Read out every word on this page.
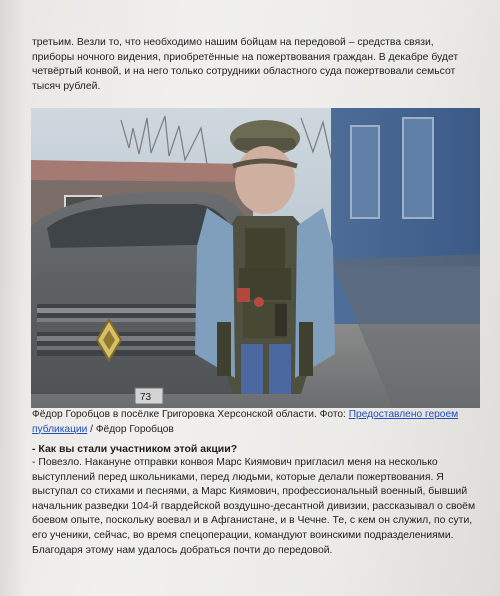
третьим. Везли то, что необходимо нашим бойцам на передовой – средства связи, приборы ночного видения, приобретённые на пожертвования граждан. В декабре будет четвёртый конвой, и на него только сотрудники областного суда пожертвовали семьсот тысяч рублей.

73
Фёдор Горобцов в посёлке Григоровка Херсонской области. Фото: Предоставлено героем публикации / Фёдор Горобцов
- Как вы стали участником этой акции?

- Повезло. Накануне отправки конвоя Марс Киямович пригласил меня на несколько выступлений перед школьниками, перед людьми, которые делали пожертвования. Я выступал со стихами и песнями, а Марс Киямович, профессиональный военный, бывший начальник разведки 104-й гвардейской воздушно-десантной дивизии, рассказывал о своём боевом опыте, поскольку воевал и в Афганистане, и в Чечне. Те, с кем он служил, по сути, его ученики, сейчас, во время спецоперации, командуют воинскими подразделениями. Благодаря этому нам удалось добраться почти до передовой.
